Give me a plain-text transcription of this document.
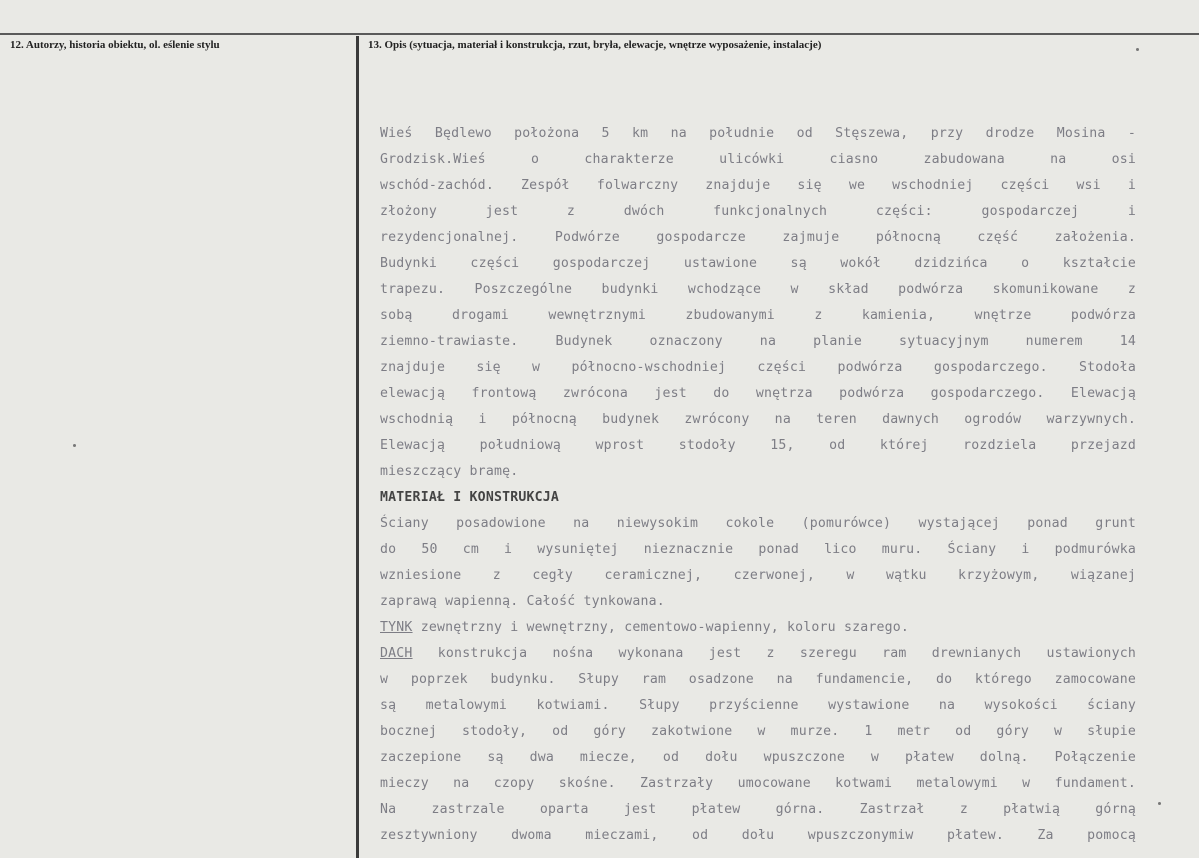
12. Autorzy, historia obiektu, ol. eślenie stylu	13. Opis (sytuacja, materiał i konstrukcja, rzut, bryła, elewacje, wnętrze wyposażenie, instalacje)
Wieś Będlewo położona 5 km na południe od Stęszewa, przy drodze Mosina -
Grodzisk.Wieś o charakterze ulicówki ciasno zabudowana na osi
wschód-zachód. Zespół folwarczny znajduje się we wschodniej części wsi i
złożony jest z dwóch funkcjonalnych części: gospodarczej i
rezydencjonalnej. Podwórze gospodarcze zajmuje północną część założenia.
Budynki części gospodarczej ustawione są wokół dzidzińca o kształcie
trapezu. Poszczególne budynki wchodzące w skład podwórza skomunikowane z
sobą drogami wewnętrznymi zbudowanymi z kamienia, wnętrze podwórza
ziemno-trawiaste. Budynek oznaczony na planie sytuacyjnym numerem 14
znajduje się w północno-wschodniej części podwórza gospodarczego. Stodoła
elewacją frontową zwrócona jest do wnętrza podwórza gospodarczego. Elewacją
wschodnią i północną budynek zwrócony na teren dawnych ogrodów warzywnych.
Elewacją południową wprost stodoły 15, od której rozdziela przejazd
mieszczący bramę.
MATERIAŁ I KONSTRUKCJA
Ściany posadowione na niewysokim cokole (pomurówce) wystającej ponad grunt
do 50 cm i wysuniętej nieznacznie ponad lico muru. Ściany i podmurówka
wzniesione z cegły ceramicznej, czerwonej, w wątku krzyżowym, wiązanej
zaprawą wapienną. Całość tynkowana.
TYNK zewnętrzny i wewnętrzny, cementowo-wapienny, koloru szarego.
DACH konstrukcja nośna wykonana jest z szeregu ram drewnianych ustawionych
w poprzek budynku. Słupy ram osadzone na fundamencie, do którego zamocowane
są metalowymi kotwiami. Słupy przyścienne wystawione na wysokości ściany
bocznej stodoły, od góry zakotwione w murze. 1 metr od góry w słupie
zaczepione są dwa miecze, od dołu wpuszczone w płatew dolną. Połączenie
mieczy na czopy skośne. Zastrzały umocowane kotwami metalowymi w fundament.
Na zastrzale oparta jest płatew górna. Zastrzał z płatwią górną
zesztywniony dwoma mieczami, od dołu wpuszczonymiw płatew. Za pomocą
